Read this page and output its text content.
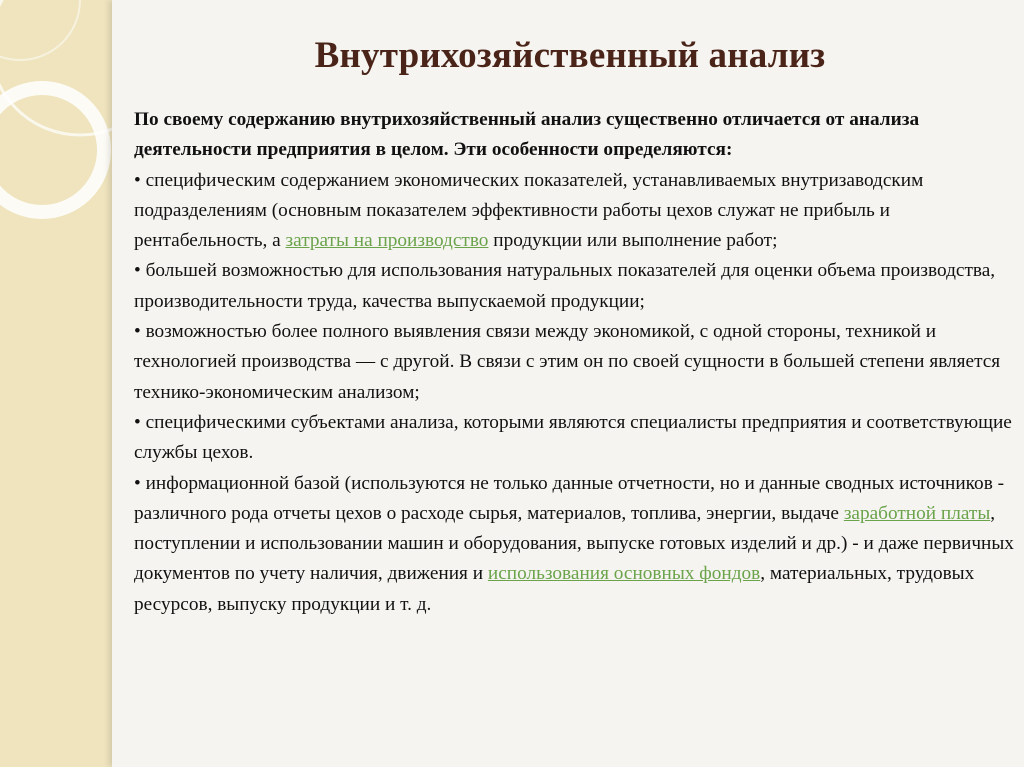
Внутрихозяйственный анализ
По своему содержанию внутрихозяйственный анализ существенно отличается от анализа деятельности предприятия в целом. Эти особенности определяются:
• специфическим содержанием экономических показателей, устанавливаемых внутризаводским подразделениям (основным показателем эффективности работы цехов служат не прибыль и рентабельность, а затраты на производство продукции или выполнение работ;
• большей возможностью для использования натуральных показателей для оценки объема производства, производительности труда, качества выпускаемой продукции;
• возможностью более полного выявления связи между экономикой, с одной стороны, техникой и технологией производства — с другой. В связи с этим он по своей сущности в большей степени является технико-экономическим анализом;
• специфическими субъектами анализа, которыми являются специалисты предприятия и соответствующие службы цехов.
• информационной базой (используются не только данные отчетности, но и данные сводных источников - различного рода отчеты цехов о расходе сырья, материалов, топлива, энергии, выдаче заработной платы, поступлении и использовании машин и оборудования, выпуске готовых изделий и др.) - и даже первичных документов по учету наличия, движения и использования основных фондов, материальных, трудовых ресурсов, выпуску продукции и т. д.
